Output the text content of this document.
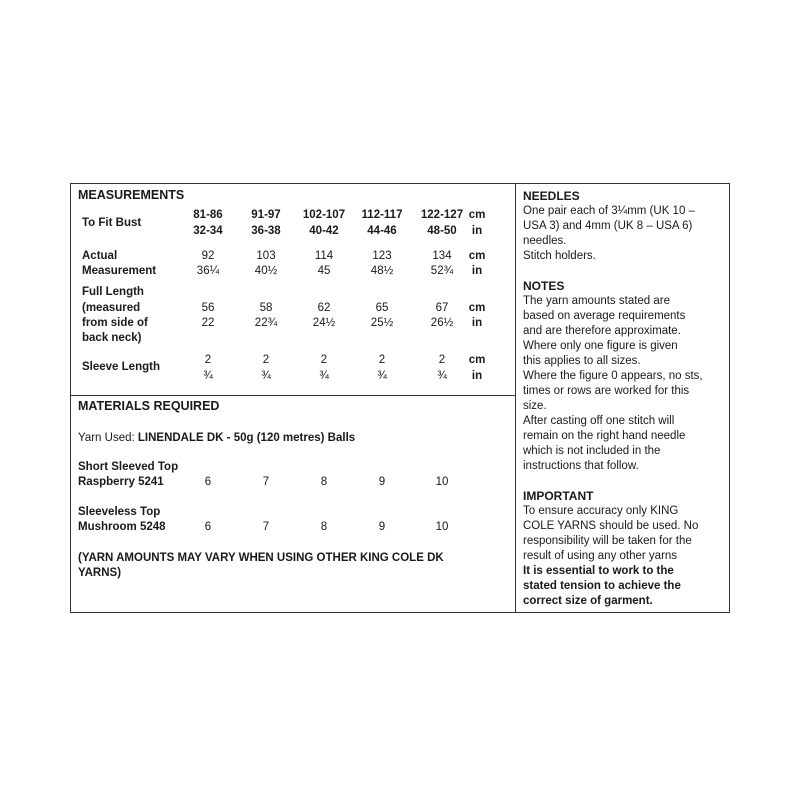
MEASUREMENTS
To Fit Bust
81-86	91-97	102-107	112-117	122-127
32-34	36-38	40-42	44-46	48-50
cm
in
Actual
Measurement
92	103	114	123	134
36¼	40½	45	48½	52¾
cm
in
Full Length
(measured
from side of
back neck)
56	58	62	65	67
22	22¾	24½	25½	26½
cm
in
Sleeve Length
2	2	2	2	2
¾	¾	¾	¾	¾
cm
in
MATERIALS REQUIRED
Yarn Used: LINENDALE DK - 50g (120 metres) Balls
Short Sleeved Top
Raspberry 5241	6	7	8	9	10
Sleeveless Top
Mushroom 5248	6	7	8	9	10
(YARN AMOUNTS MAY VARY WHEN USING OTHER KING COLE DK
YARNS)
NEEDLES
One pair each of 3¼mm (UK 10 –
USA 3) and 4mm (UK 8 – USA 6)
needles.
Stitch holders.
NOTES
The yarn amounts stated are
based on average requirements
and are therefore approximate.
Where only one figure is given
this applies to all sizes.
Where the figure 0 appears, no sts,
times or rows are worked for this
size.
After casting off one stitch will
remain on the right hand needle
which is not included in the
instructions that follow.
IMPORTANT
To ensure accuracy only KING
COLE YARNS should be used. No
responsibility will be taken for the
result of using any other yarns
It is essential to work to the
stated tension to achieve the
correct size of garment.
